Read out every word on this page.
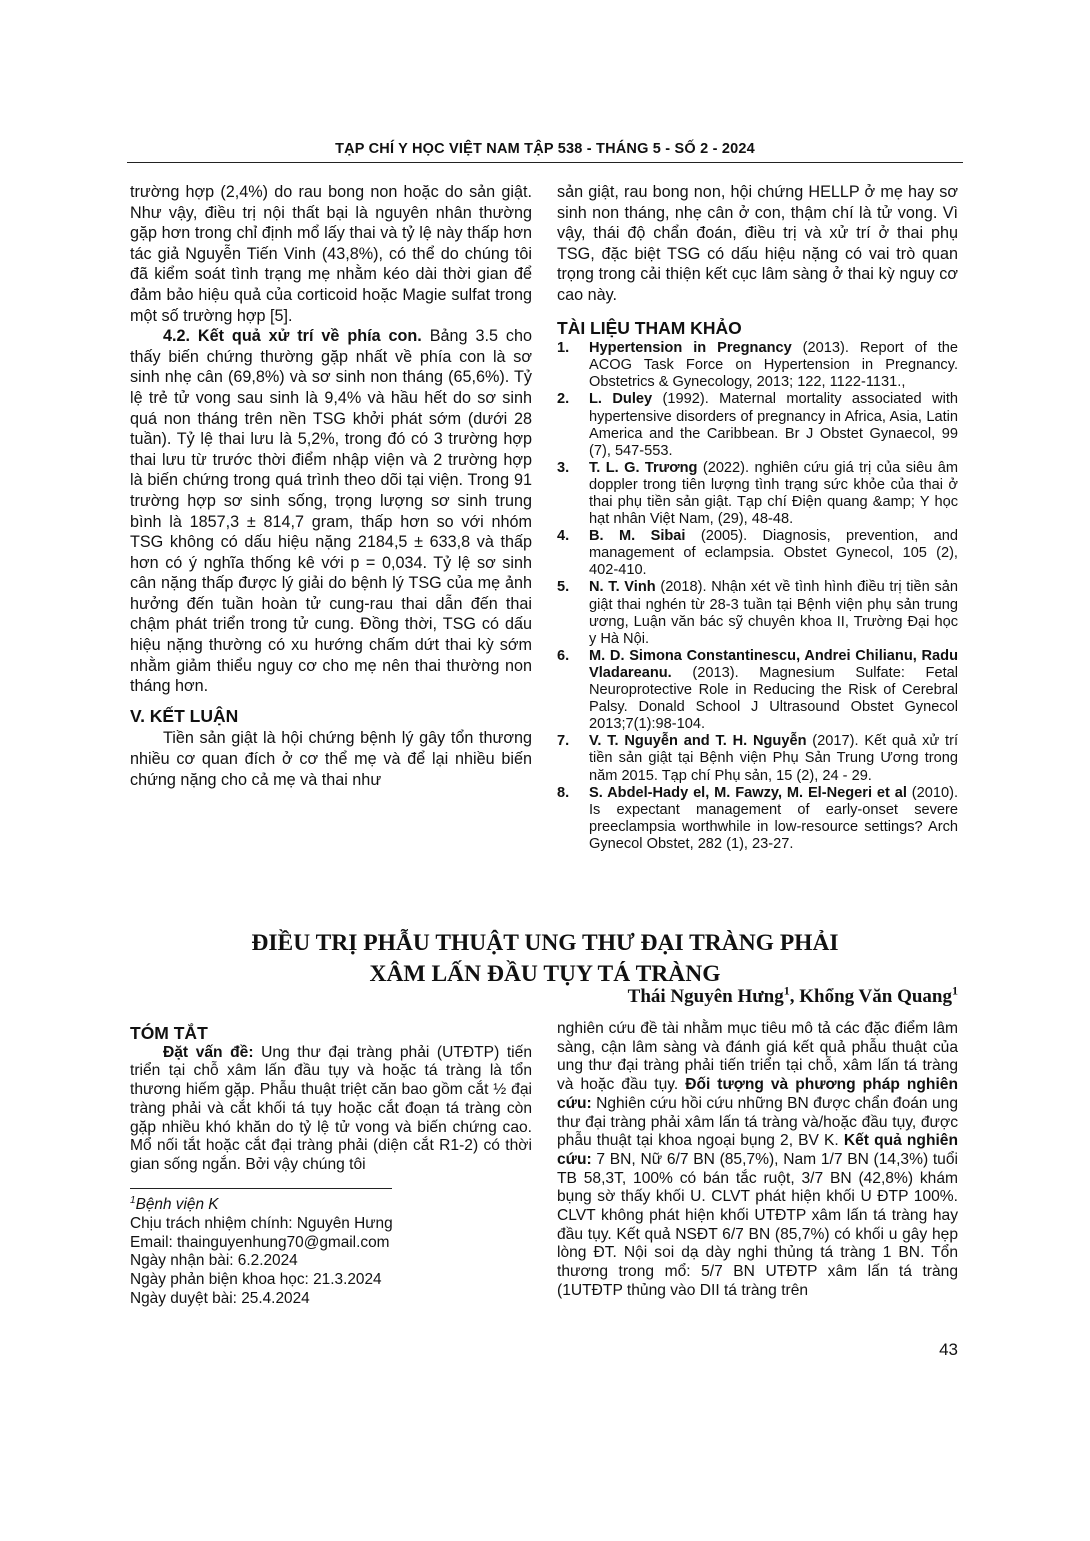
TẠP CHÍ Y HỌC VIỆT NAM TẬP 538 - THÁNG 5 - SỐ 2 - 2024

trường hợp (2,4%) do rau bong non hoặc do sản giật. Như vậy, điều trị nội thất bại là nguyên nhân thường gặp hơn trong chỉ định mổ lấy thai và tỷ lệ này thấp hơn tác giả Nguyễn Tiến Vinh (43,8%), có thể do chúng tôi đã kiểm soát tình trạng mẹ nhằm kéo dài thời gian để đảm bảo hiệu quả của corticoid hoặc Magie sulfat trong một số trường hợp [5].

4.2. Kết quả xử trí về phía con. Bảng 3.5 cho thấy biến chứng thường gặp nhất về phía con là sơ sinh nhẹ cân (69,8%) và sơ sinh non tháng (65,6%). Tỷ lệ trẻ tử vong sau sinh là 9,4% và hầu hết do sơ sinh quá non tháng trên nền TSG khởi phát sớm (dưới 28 tuần). Tỷ lệ thai lưu là 5,2%, trong đó có 3 trường hợp thai lưu từ trước thời điểm nhập viện và 2 trường hợp là biến chứng trong quá trình theo dõi tại viện. Trong 91 trường hợp sơ sinh sống, trọng lượng sơ sinh trung bình là 1857,3 ± 814,7 gram, thấp hơn so với nhóm TSG không có dấu hiệu nặng 2184,5 ± 633,8 và thấp hơn có ý nghĩa thống kê với p = 0,034. Tỷ lệ sơ sinh cân nặng thấp được lý giải do bệnh lý TSG của mẹ ảnh hưởng đến tuần hoàn tử cung-rau thai dẫn đến thai chậm phát triển trong tử cung. Đồng thời, TSG có dấu hiệu nặng thường có xu hướng chấm dứt thai kỳ sớm nhằm giảm thiểu nguy cơ cho mẹ nên thai thường non tháng hơn.

V. KẾT LUẬN

Tiền sản giật là hội chứng bệnh lý gây tổn thương nhiều cơ quan đích ở cơ thể mẹ và để lại nhiều biến chứng nặng cho cả mẹ và thai như

sản giật, rau bong non, hội chứng HELLP ở mẹ hay sơ sinh non tháng, nhẹ cân ở con, thậm chí là tử vong. Vì vậy, thái độ chẩn đoán, điều trị và xử trí ở thai phụ TSG, đặc biệt TSG có dấu hiệu nặng có vai trò quan trọng trong cải thiện kết cục lâm sàng ở thai kỳ nguy cơ cao này.

TÀI LIỆU THAM KHẢO
1. Hypertension in Pregnancy (2013). Report of the ACOG Task Force on Hypertension in Pregnancy. Obstetrics & Gynecology, 2013; 122, 1122-1131.,
2. L. Duley (1992). Maternal mortality associated with hypertensive disorders of pregnancy in Africa, Asia, Latin America and the Caribbean. Br J Obstet Gynaecol, 99 (7), 547-553.
3. T. L. G. Trương (2022). nghiên cứu giá trị của siêu âm doppler trong tiên lượng tình trạng sức khỏe của thai ở thai phụ tiền sản giật. Tạp chí Điện quang &amp; Y học hạt nhân Việt Nam, (29), 48-48.
4. B. M. Sibai (2005). Diagnosis, prevention, and management of eclampsia. Obstet Gynecol, 105 (2), 402-410.
5. N. T. Vinh (2018). Nhận xét về tình hình điều trị tiền sản giật thai nghén từ 28-3 tuần tại Bệnh viện phụ sản trung ương, Luận văn bác sỹ chuyên khoa II, Trường Đại học y Hà Nội.
6. M. D. Simona Constantinescu, Andrei Chilianu, Radu Vladareanu. (2013). Magnesium Sulfate: Fetal Neuroprotective Role in Reducing the Risk of Cerebral Palsy. Donald School J Ultrasound Obstet Gynecol 2013;7(1):98-104.
7. V. T. Nguyễn and T. H. Nguyễn (2017). Kết quả xử trí tiền sản giật tại Bệnh viện Phụ Sản Trung Ương trong năm 2015. Tạp chí Phụ sản, 15 (2), 24 - 29.
8. S. Abdel-Hady el, M. Fawzy, M. El-Negeri et al (2010). Is expectant management of early-onset severe preeclampsia worthwhile in low-resource settings? Arch Gynecol Obstet, 282 (1), 23-27.
ĐIỀU TRỊ PHẪU THUẬT UNG THƯ ĐẠI TRÀNG PHẢI
XÂM LẤN ĐẦU TỤY TÁ TRÀNG
Thái Nguyên Hưng$^1$, Khổng Văn Quang$^1$
TÓM TẮT

Đặt vấn đề: Ung thư đại tràng phải (UTĐTP) tiến triển tại chỗ xâm lấn đầu tụy và hoặc tá tràng là tổn thương hiếm gặp. Phẫu thuật triệt căn bao gồm cắt ½ đại tràng phải và cắt khối tá tụy hoặc cắt đoạn tá tràng còn gặp nhiều khó khăn do tỷ lệ tử vong và biến chứng cao. Mổ nối tắt hoặc cắt đại tràng phải (diện cắt R1-2) có thời gian sống ngắn. Bởi vậy chúng tôi

nghiên cứu đề tài nhằm mục tiêu mô tả các đặc điểm lâm sàng, cận lâm sàng và đánh giá kết quả phẫu thuật của ung thư đại tràng phải tiến triển tại chỗ, xâm lấn tá tràng và hoặc đầu tụy. Đối tượng và phương pháp nghiên cứu: Nghiên cứu hồi cứu những BN được chẩn đoán ung thư đại tràng phải xâm lấn tá tràng và/hoặc đầu tụy, được phẫu thuật tại khoa ngoại bụng 2, BV K. Kết quả nghiên cứu: 7 BN, Nữ 6/7 BN (85,7%), Nam 1/7 BN (14,3%) tuổi TB 58,3T, 100% có bán tắc ruột, 3/7 BN (42,8%) khám bụng sờ thấy khối U. CLVT phát hiện khối U ĐTP 100%. CLVT không phát hiện khối UTĐTP xâm lấn tá tràng hay đầu tụy. Kết quả NSĐT 6/7 BN (85,7%) có khối u gây hẹp lòng ĐT. Nội soi dạ dày nghi thủng tá tràng 1 BN. Tổn thương trong mổ: 5/7 BN UTĐTP xâm lấn tá tràng (1UTĐTP thủng vào DII tá tràng trên

$^1$Bệnh viện K
Chịu trách nhiệm chính: Nguyên Hưng
Email: thainguyenhung70@gmail.com
Ngày nhận bài: 6.2.2024
Ngày phản biện khoa học: 21.3.2024
Ngày duyệt bài: 25.4.2024
43
